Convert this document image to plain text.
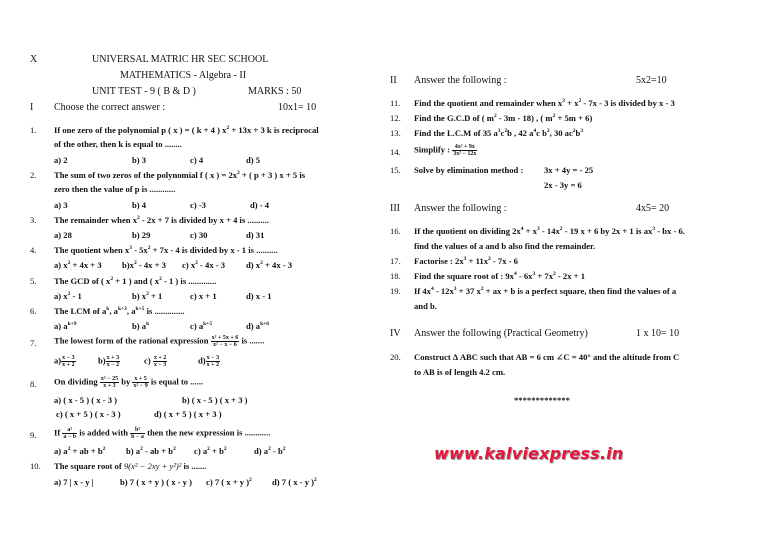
X	UNIVERSAL MATRIC HR SEC SCHOOL
MATHEMATICS - Algebra - II
UNIT TEST - 9 ( B & D )	MARKS : 50
I Choose the correct answer :	10x1= 10
1. If one zero of the polynomial p ( x ) = ( k + 4 ) $x^2 + 13x + 3$ k is reciprocal
of the other, then k is equal to ........
a) 2	b) 3	c) 4	d) 5
2. The sum of two zeros of the polynomial f ( x ) = $2x^2$ + ( p + 3 ) x + 5 is
zero then the value of p is ............
a) 3	b) 4	c) -3	d) - 4
3. The remainder when $x^2 - 2x + 7$ is divided by x + 4 is ..........
a) 28	b) 29	c) 30	d) 31
4. The quotient when $x^3 - 5x^2 + 7x - 4$ is divided by x - 1 is ..........
a) $x^2 + 4x + 3$ $b)x^2 - 4x + 3$ c) $x^2 - 4x - 3$ d) $x^2 + 4x - 3$
5. The GCD of ( $x^2 + 1$ ) and ( $x^2 - 1$ ) is .............
a) $x^2 - 1$	b) $x^2 + 1$	c) x + 1	d) x - 1
6. The LCM of $a^k$, $a^{k+3}$, $a^{k+5}$ is ..............
a) $a^{k+9}$	b) $a^k$	c) $a^{k+5}$	d) $a^{k+6}$
7. The lowest form of the rational expression $\frac{\text{x² + 5x + 6}}{\text{x² − x − 6}}$ is .......
$a) \frac{x - 3}{x + 2}$	$b) \frac{x + 3}{x - 2}$	$c) \frac{x + 2}{x - 3}$	$d) \frac{x - 3}{x + 2}$
8. On dividing $\frac{\text{x² − 25}}{x + 3}$ by $\frac{x + 5}{\text{x² − 9}}$ is equal to ......
a) ( x - 5 ) ( x - 3 )	b) ( x - 5 ) ( x + 3 )
c) ( x + 5 ) ( x - 3 )	d) ( x + 5 ) ( x + 3 )
9. If $\frac{\text{a²}}{a - b}$ is added with $\frac{\text{b²}}{b - a}$ then the new expression is ............
a) $a^2$ + ab + $b^2$ b) $a^2$ - ab + $b^2$ c) $a^2 + b^2$	d) $a^2 - b^2$
10. The square root of 9(x² − 2xy + y²)² is .......
a) 7 | x - y |	b) 7 ( x + y ) ( x - y ) c) 7 ( x + y )$^2$ d) 7 ( x - y )$^2$
II Answer the following :	5x2=10
11. Find the quotient and remainder when $x^3 + x^2 - 7x - 3$ is divided by x - 3
12. Find the G.C.D of ( $m^2 - 3m - 18$) , ( $m^2 + 5m + 6$)
13. Find the L.C.M of 35 $a^3c^2b$ , 42 $a^4c$ $b^2$, 30 $ac^2b^3$
14. Simplify : $\frac{\text{4x² + 9x}}{\text{3x² − 12x}}$
15. Solve by elimination method : 3x + 4y = - 25
2x - 3y = 6
III Answer the following :	4x5= 20
16. If the quotient on dividing $2x^4 + x^3 - 14x^2 - 19$ x + 6 by 2x + 1 is $ax^3$ - bx - 6.
find the values of a and b also find the remainder.
17. Factorise : $2x^3 + 11x^2 - 7x - 6$
18. Find the square root of : $9x^4 - 6x^3 + 7x^2 - 2x + 1$
19. If $4x^4 - 12x^3 + 37$ $x^2$ + ax + b is a perfect square, then find the values of a
and b.
IV Answer the following (Practical Geometry)	1 x 10= 10
20. Construct ∆ ABC such that AB = 6 cm ∠C = 40° and the altitude from C
to AB is of length 4.2 cm.
*************
www.kalviexpress.in
